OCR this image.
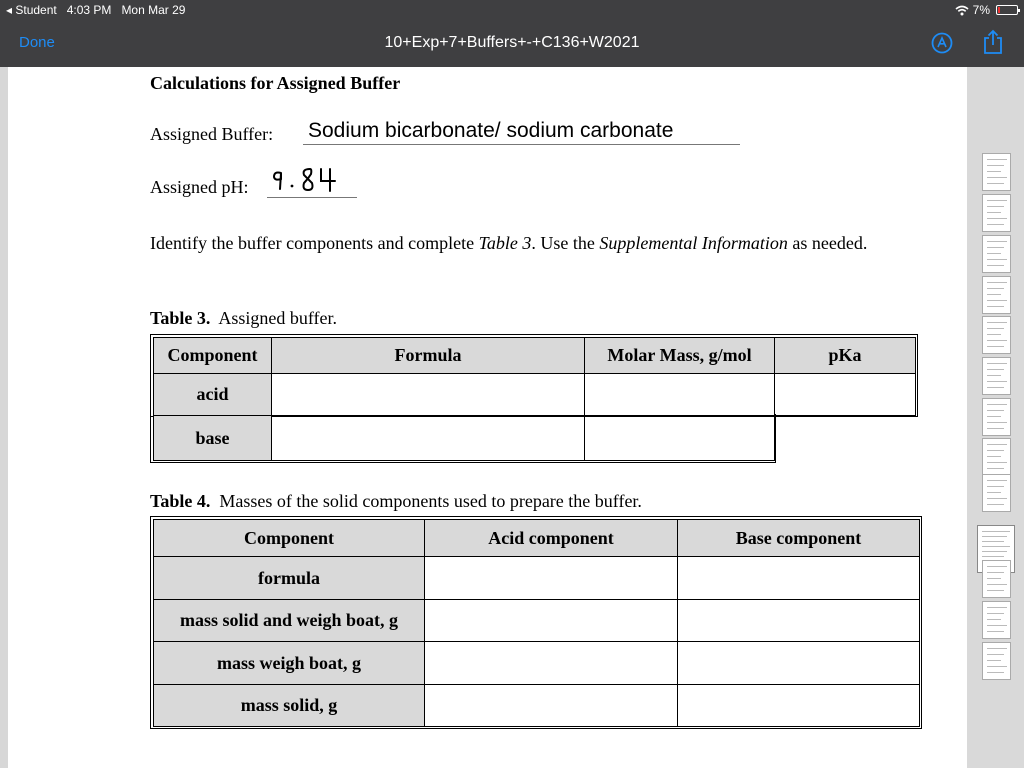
◂ Student 4:03 PM Mon Mar 29	7%
Done	10+Exp+7+Buffers+-+C136+W2021
Calculations for Assigned Buffer
Assigned Buffer: Sodium bicarbonate/ sodium carbonate
Assigned pH:
Identify the buffer components and complete Table 3. Use the Supplemental Information as needed.
Table 3. Assigned buffer.
Component	Formula	Molar Mass, g/mol	pKa
acid			
base			
Table 4. Masses of the solid components used to prepare the buffer.
Component	Acid component	Base component
formula		
mass solid and weigh boat, g		
mass weigh boat, g		
mass solid, g		
